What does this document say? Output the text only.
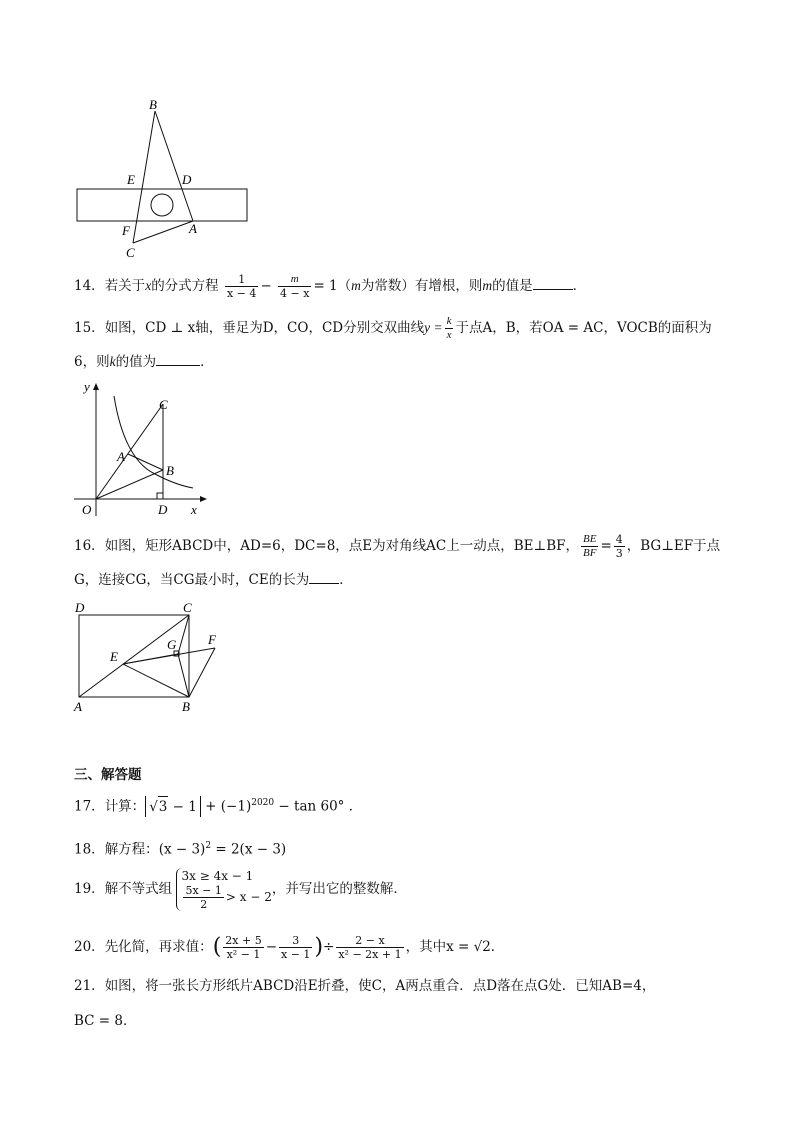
B
E	D
F	A
C
14．若关于x的分式方程 $\frac{1}{x - 4} - \frac{m}{4 - x} = 1(m$为常数）有增根，则m的值是	．
15．如图，CD ⊥ x轴，垂足为D，CO，CD分别交双曲线$y = \frac{k}{x}$ 于点A，B，若OA = AC，VOCB的面积为
6，则k的值为	．
y
x
O
C
A
B
D
16．如图，矩形ABCD中，AD=6，DC=8，点E为对角线AC上一动点，BE⊥BF， $\frac{BE}{BF} = \frac{4}{3}$ ，BG⊥EF于点
G，连接CG，当CG最小时，CE的长为 ．
D	C
F
G
E
A	B
三、解答题
17．计算： $√3 - 1 + (-1)^{2020} - \tan 60^\circ$ ．
18．解方程：$(x - 3)^2 = 2(x - 3)$
19．解不等式组
3x ≥ 4x − 1
$\frac{5x - 1}{2} > x - 2$ ，并写出它的整数解．
20．先化简，再求值：( $\frac{2x + 5}{\text{x² − 1}} - \frac{3}{x - 1}$ )÷ $\frac{2 - x}{\text{x² − 2x + 1}}$ ，其中x = √2．
21．如图，将一张长方形纸片ABCD沿E折叠，使C，A两点重合．点D落在点G处．已知AB=4，
BC = 8．
